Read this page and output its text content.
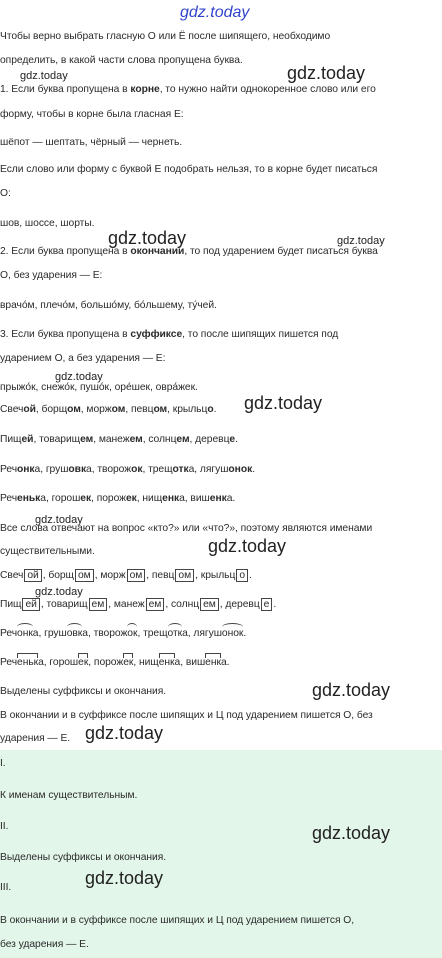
gdz.today
Чтобы верно выбрать гласную О или Ё после шипящего, необходимо
определить, в какой части слова пропущена буква.
1. Если буква пропущена в корне, то нужно найти однокоренное слово или его
форму, чтобы в корне была гласная Е:
шёпот — шептать, чёрный — чернеть.
Если слово или форму с буквой Е подобрать нельзя, то в корне будет писаться
О:
шов, шоссе, шорты.
2. Если буква пропущена в окончании, то под ударением будет писаться буква
О, без ударения — Е:
врачо́м, плечо́м, большо́му, бо́льшему, ту́чей.
3. Если буква пропущена в суффиксе, то после шипящих пишется под
ударением О, а без ударения — Е:
прыжо́к, снежо́к, пушо́к, оре́шек, овра́жек.
Свечой, борщом, моржом, певцом, крыльцо.
Пищей, товарищем, манежем, солнцем, деревце.
Речонка, грушовка, творожок, трещотка, лягушонок.
Реченька, горошек, порожек, нищенка, вишенка.
Все слова отвечают на вопрос «кто?» или «что?», поэтому являются именами
существительными.
Свеч ой , борщ ом , морж ом , певц ом , крыльц о .
Пищ ей , товарищ ем , манеж ем , солнц ем , деревц е .
Речонка, грушовка, творожок, трещотка, лягушонок.
Реченька, горошек, порожек, нищенка, вишенка.
Выделены суффиксы и окончания.
В окончании и в суффиксе после шипящих и Ц под ударением пишется О, без
ударения — Е.
I.
К именам существительным.
II.
Выделены суффиксы и окончания.
III.
В окончании и в суффиксе после шипящих и Ц под ударением пишется О,
без ударения — Е.
gdz.today	gdz.today
gdz.today	gdz.today
gdz.today
gdz.today
gdz.today
gdz.today
gdz.today
gdz.today
gdz.today
gdz.today
gdz.today
